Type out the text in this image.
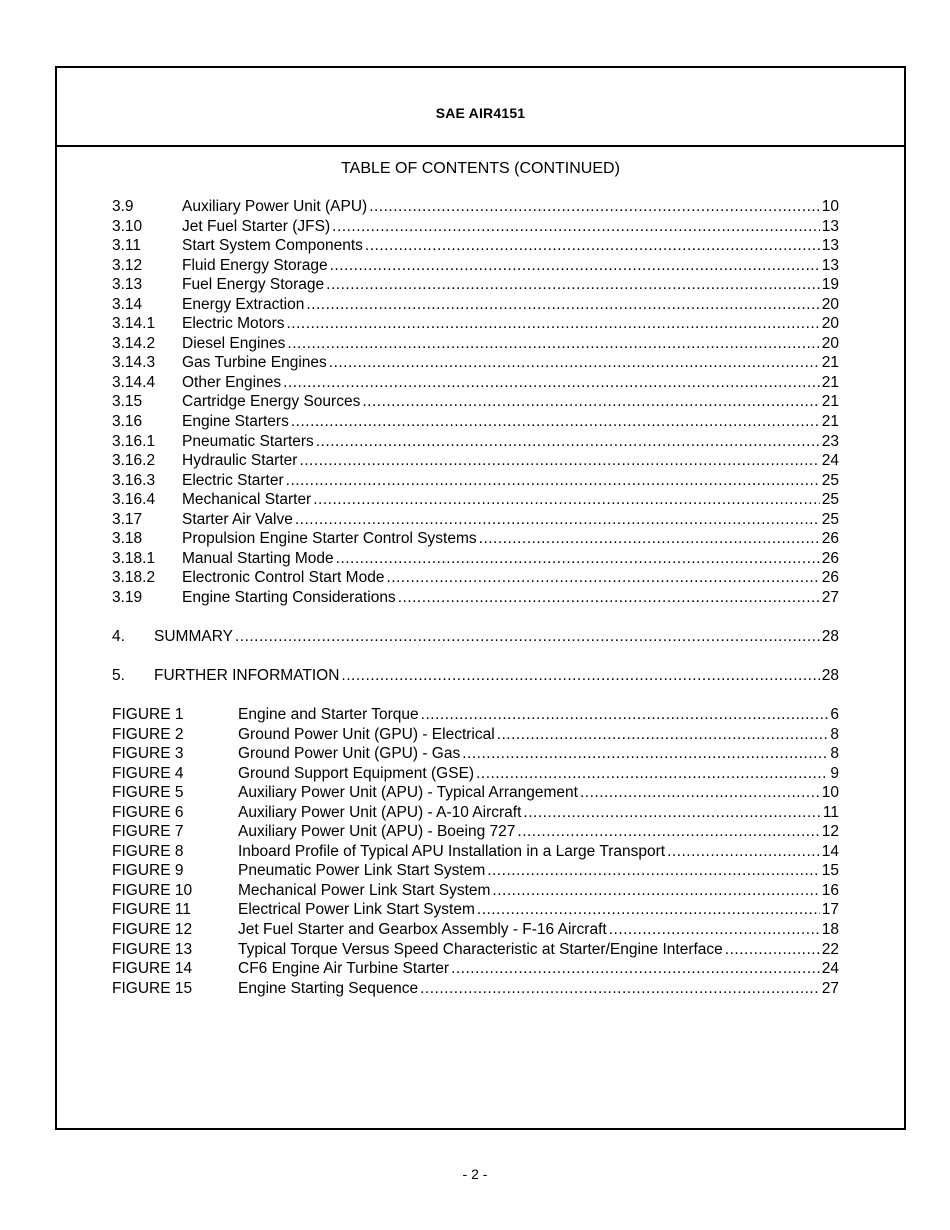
SAE AIR4151
TABLE OF CONTENTS (CONTINUED)
3.9	Auxiliary Power Unit (APU) .....	10
3.10	Jet Fuel Starter (JFS) .....	13
3.11	Start System Components .....	13
3.12	Fluid Energy Storage .....	13
3.13	Fuel Energy Storage .....	19
3.14	Energy Extraction .....	20
3.14.1	Electric Motors .....	20
3.14.2	Diesel Engines .....	20
3.14.3	Gas Turbine Engines .....	21
3.14.4	Other Engines .....	21
3.15	Cartridge Energy Sources .....	21
3.16	Engine Starters .....	21
3.16.1	Pneumatic Starters .....	23
3.16.2	Hydraulic Starter .....	24
3.16.3	Electric Starter .....	25
3.16.4	Mechanical Starter .....	25
3.17	Starter Air Valve .....	25
3.18	Propulsion Engine Starter Control Systems .....	26
3.18.1	Manual Starting Mode .....	26
3.18.2	Electronic Control Start Mode .....	26
3.19	Engine Starting Considerations .....	27
4.	SUMMARY .....	28
5.	FURTHER INFORMATION .....	28
FIGURE 1	Engine and Starter Torque .....	6
FIGURE 2	Ground Power Unit (GPU) - Electrical .....	8
FIGURE 3	Ground Power Unit (GPU) - Gas .....	8
FIGURE 4	Ground Support Equipment (GSE) .....	9
FIGURE 5	Auxiliary Power Unit (APU) - Typical Arrangement .....	10
FIGURE 6	Auxiliary Power Unit (APU) - A-10 Aircraft .....	11
FIGURE 7	Auxiliary Power Unit (APU) - Boeing 727 .....	12
FIGURE 8	Inboard Profile of Typical APU Installation in a Large Transport .....	14
FIGURE 9	Pneumatic Power Link Start System .....	15
FIGURE 10	Mechanical Power Link Start System .....	16
FIGURE 11	Electrical Power Link Start System .....	17
FIGURE 12	Jet Fuel Starter and Gearbox Assembly - F-16 Aircraft .....	18
FIGURE 13	Typical Torque Versus Speed Characteristic at Starter/Engine Interface .....	22
FIGURE 14	CF6 Engine Air Turbine Starter .....	24
FIGURE 15	Engine Starting Sequence .....	27
- 2 -
